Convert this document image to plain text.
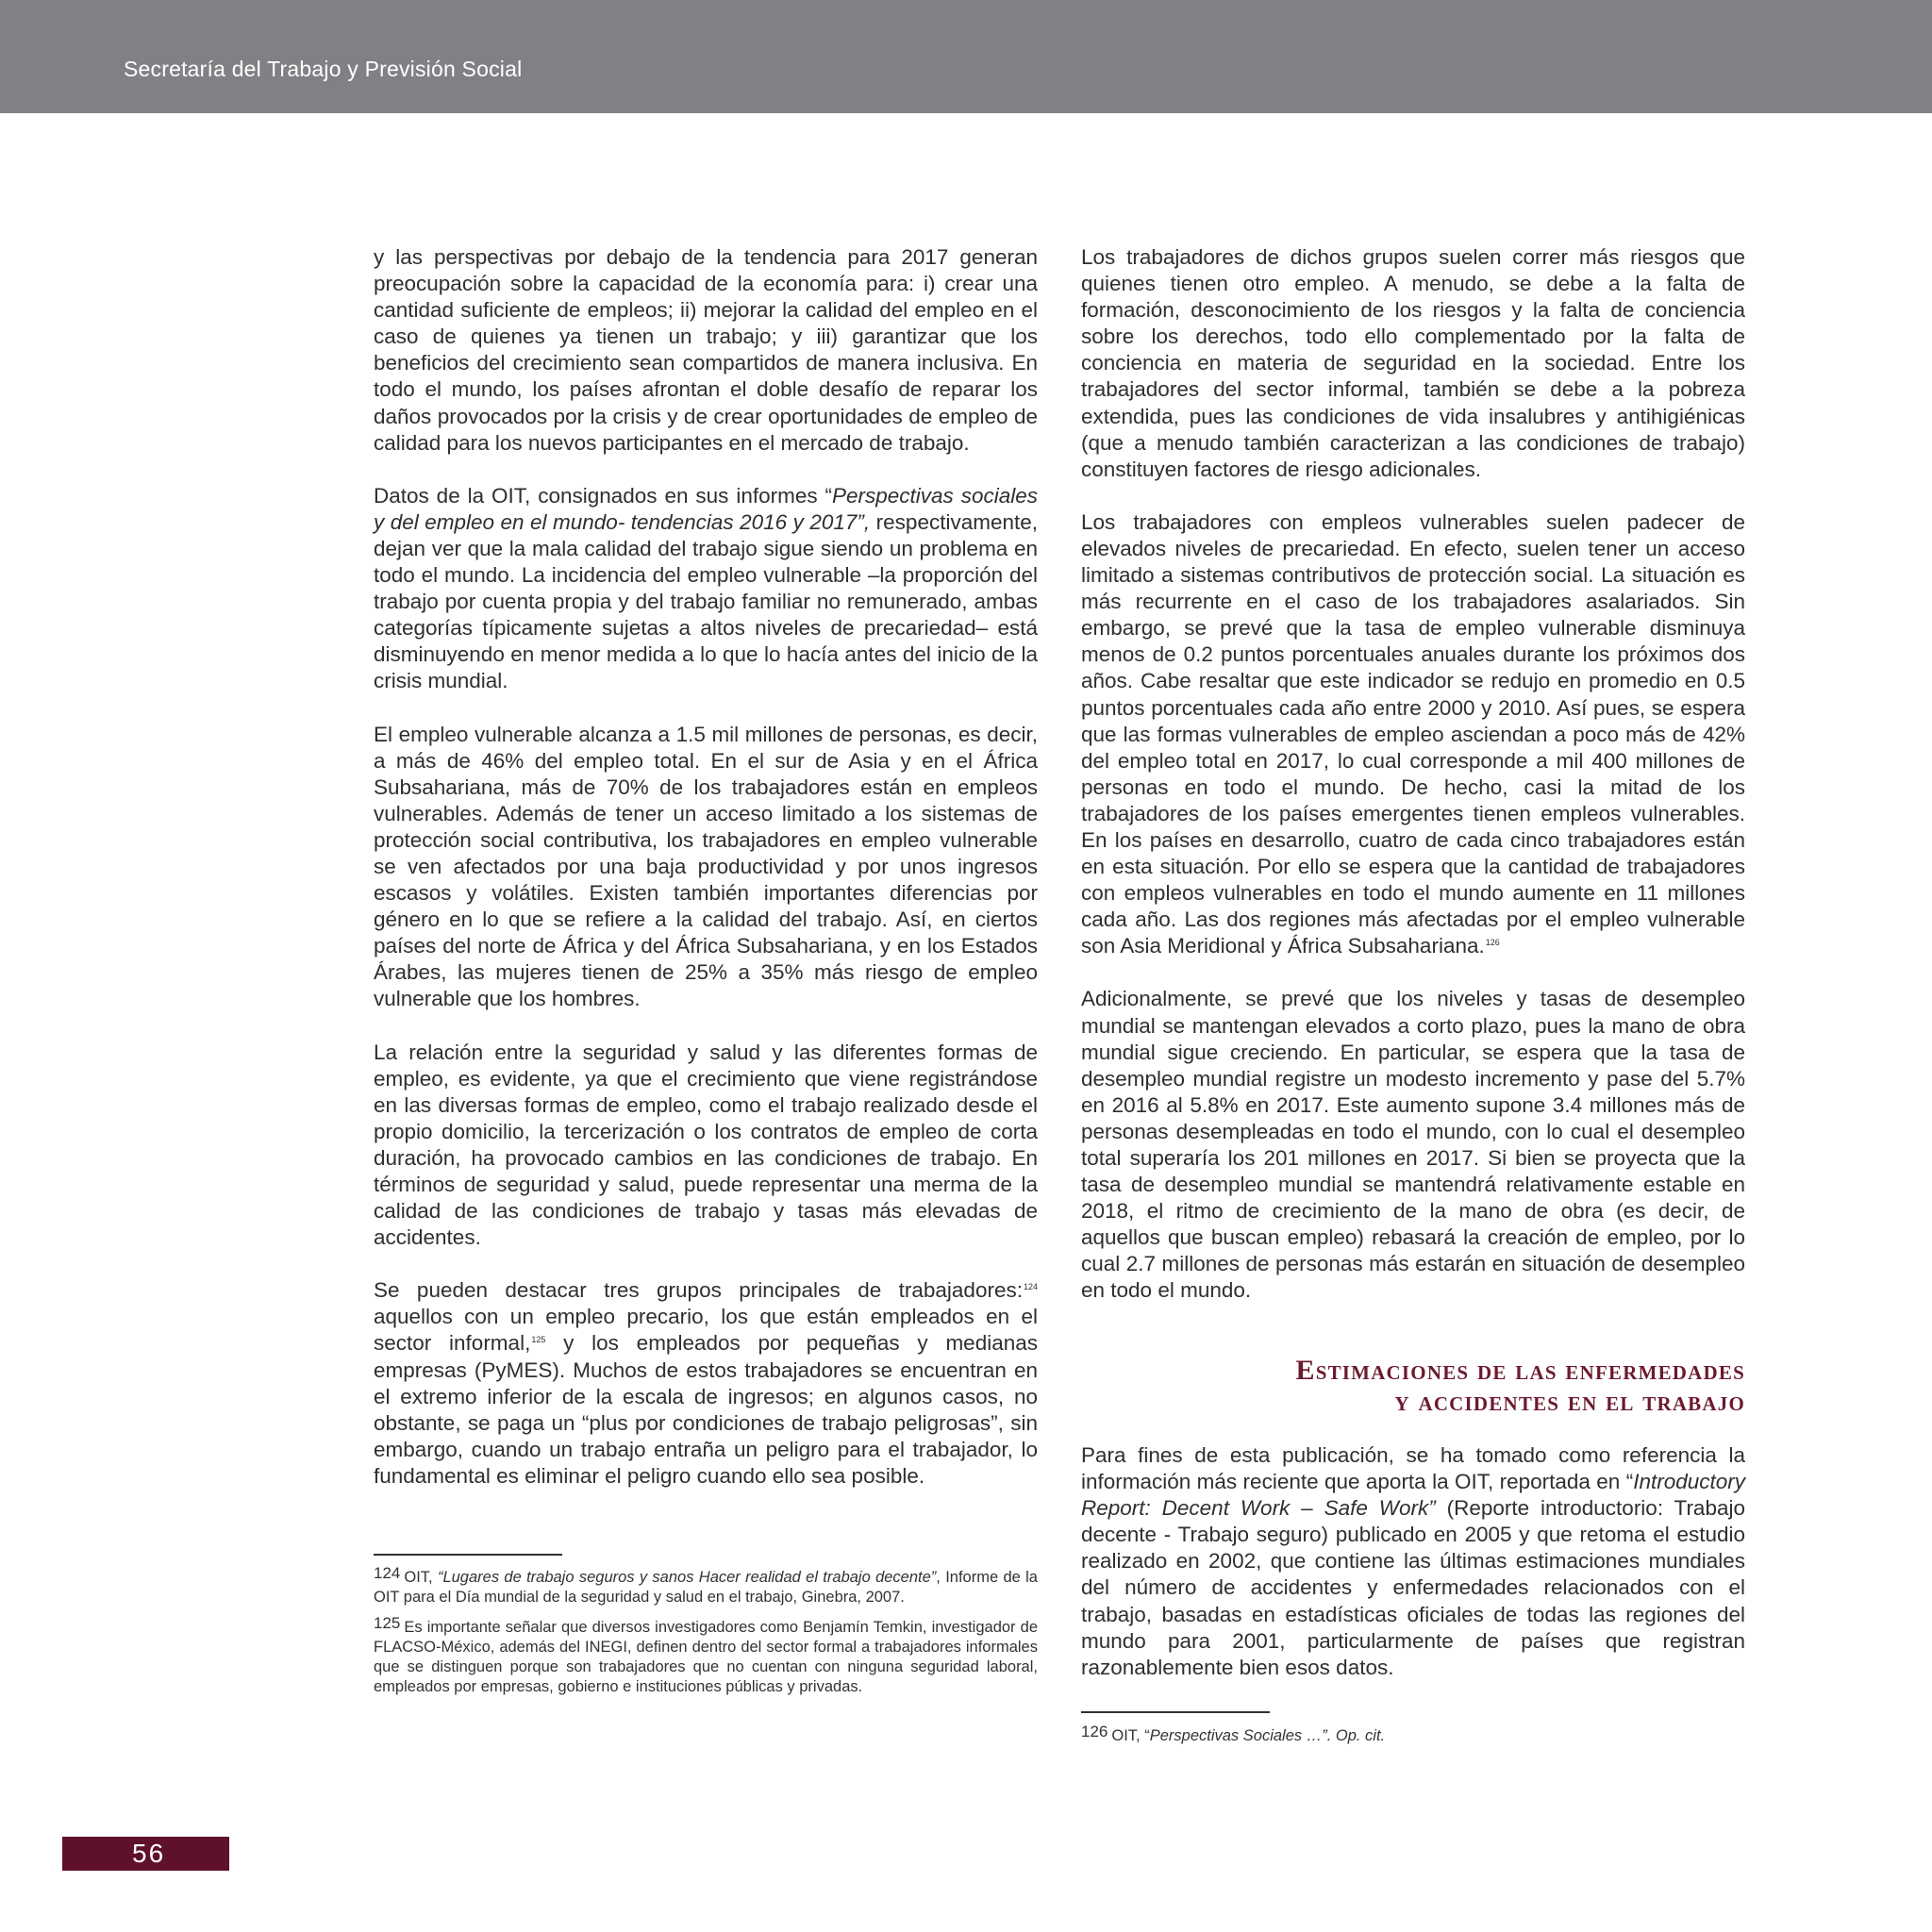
Secretaría del Trabajo y Previsión Social

y las perspectivas por debajo de la tendencia para 2017 generan preocupación sobre la capacidad de la economía para: i) crear una cantidad suficiente de empleos; ii) mejorar la calidad del empleo en el caso de quienes ya tienen un trabajo; y iii) garantizar que los beneficios del crecimiento sean compartidos de manera inclusiva. En todo el mundo, los países afrontan el doble desafío de reparar los daños provocados por la crisis y de crear oportunidades de empleo de calidad para los nuevos participantes en el mercado de trabajo.

Datos de la OIT, consignados en sus informes “Perspectivas sociales y del empleo en el mundo- tendencias 2016 y 2017”, respectivamente, dejan ver que la mala calidad del trabajo sigue siendo un problema en todo el mundo. La incidencia del empleo vulnerable –la proporción del trabajo por cuenta propia y del trabajo familiar no remunerado, ambas categorías típicamente sujetas a altos niveles de precariedad– está disminuyendo en menor medida a lo que lo hacía antes del inicio de la crisis mundial.

El empleo vulnerable alcanza a 1.5 mil millones de personas, es decir, a más de 46% del empleo total. En el sur de Asia y en el África Subsahariana, más de 70% de los trabajadores están en empleos vulnerables. Además de tener un acceso limitado a los sistemas de protección social contributiva, los trabajadores en empleo vulnerable se ven afectados por una baja productividad y por unos ingresos escasos y volátiles. Existen también importantes diferencias por género en lo que se refiere a la calidad del trabajo. Así, en ciertos países del norte de África y del África Subsahariana, y en los Estados Árabes, las mujeres tienen de 25% a 35% más riesgo de empleo vulnerable que los hombres.

La relación entre la seguridad y salud y las diferentes formas de empleo, es evidente, ya que el crecimiento que viene registrándose en las diversas formas de empleo, como el trabajo realizado desde el propio domicilio, la tercerización o los contratos de empleo de corta duración, ha provocado cambios en las condiciones de trabajo. En términos de seguridad y salud, puede representar una merma de la calidad de las condiciones de trabajo y tasas más elevadas de accidentes.

Se pueden destacar tres grupos principales de trabajadores:$^{124}$ aquellos con un empleo precario, los que están empleados en el sector informal,$^{125}$ y los empleados por pequeñas y medianas empresas (PyMES). Muchos de estos trabajadores se encuentran en el extremo inferior de la escala de ingresos; en algunos casos, no obstante, se paga un “plus por condiciones de trabajo peligrosas”, sin embargo, cuando un trabajo entraña un peligro para el trabajador, lo fundamental es eliminar el peligro cuando ello sea posible.

Los trabajadores de dichos grupos suelen correr más riesgos que quienes tienen otro empleo. A menudo, se debe a la falta de formación, desconocimiento de los riesgos y la falta de conciencia sobre los derechos, todo ello complementado por la falta de conciencia en materia de seguridad en la sociedad. Entre los trabajadores del sector informal, también se debe a la pobreza extendida, pues las condiciones de vida insalubres y antihigiénicas (que a menudo también caracterizan a las condiciones de trabajo) constituyen factores de riesgo adicionales.

Los trabajadores con empleos vulnerables suelen padecer de elevados niveles de precariedad. En efecto, suelen tener un acceso limitado a sistemas contributivos de protección social. La situación es más recurrente en el caso de los trabajadores asalariados. Sin embargo, se prevé que la tasa de empleo vulnerable disminuya menos de 0.2 puntos porcentuales anuales durante los próximos dos años. Cabe resaltar que este indicador se redujo en promedio en 0.5 puntos porcentuales cada año entre 2000 y 2010. Así pues, se espera que las formas vulnerables de empleo asciendan a poco más de 42% del empleo total en 2017, lo cual corresponde a mil 400 millones de personas en todo el mundo. De hecho, casi la mitad de los trabajadores de los países emergentes tienen empleos vulnerables. En los países en desarrollo, cuatro de cada cinco trabajadores están en esta situación. Por ello se espera que la cantidad de trabajadores con empleos vulnerables en todo el mundo aumente en 11 millones cada año. Las dos regiones más afectadas por el empleo vulnerable son Asia Meridional y África Subsahariana.$^{126}$

Adicionalmente, se prevé que los niveles y tasas de desempleo mundial se mantengan elevados a corto plazo, pues la mano de obra mundial sigue creciendo. En particular, se espera que la tasa de desempleo mundial registre un modesto incremento y pase del 5.7% en 2016 al 5.8% en 2017. Este aumento supone 3.4 millones más de personas desempleadas en todo el mundo, con lo cual el desempleo total superaría los 201 millones en 2017. Si bien se proyecta que la tasa de desempleo mundial se mantendrá relativamente estable en 2018, el ritmo de crecimiento de la mano de obra (es decir, de aquellos que buscan empleo) rebasará la creación de empleo, por lo cual 2.7 millones de personas más estarán en situación de desempleo en todo el mundo.

Estimaciones de las enfermedades
y accidentes en el trabajo

Para fines de esta publicación, se ha tomado como referencia la información más reciente que aporta la OIT, reportada en “Introductory Report: Decent Work – Safe Work” (Reporte introductorio: Trabajo decente - Trabajo seguro) publicado en 2005 y que retoma el estudio realizado en 2002, que contiene las últimas estimaciones mundiales del número de accidentes y enfermedades relacionados con el trabajo, basadas en estadísticas oficiales de todas las regiones del mundo para 2001, particularmente de países que registran razonablemente bien esos datos.

124 OIT, “Lugares de trabajo seguros y sanos Hacer realidad el trabajo decente”, Informe de la OIT para el Día mundial de la seguridad y salud en el trabajo, Ginebra, 2007.
125 Es importante señalar que diversos investigadores como Benjamín Temkin, investigador de FLACSO-México, además del INEGI, definen dentro del sector formal a trabajadores informales que se distinguen porque son trabajadores que no cuentan con ninguna seguridad laboral, empleados por empresas, gobierno e instituciones públicas y privadas.
126 OIT, “Perspectivas Sociales …”. Op. cit.
56
